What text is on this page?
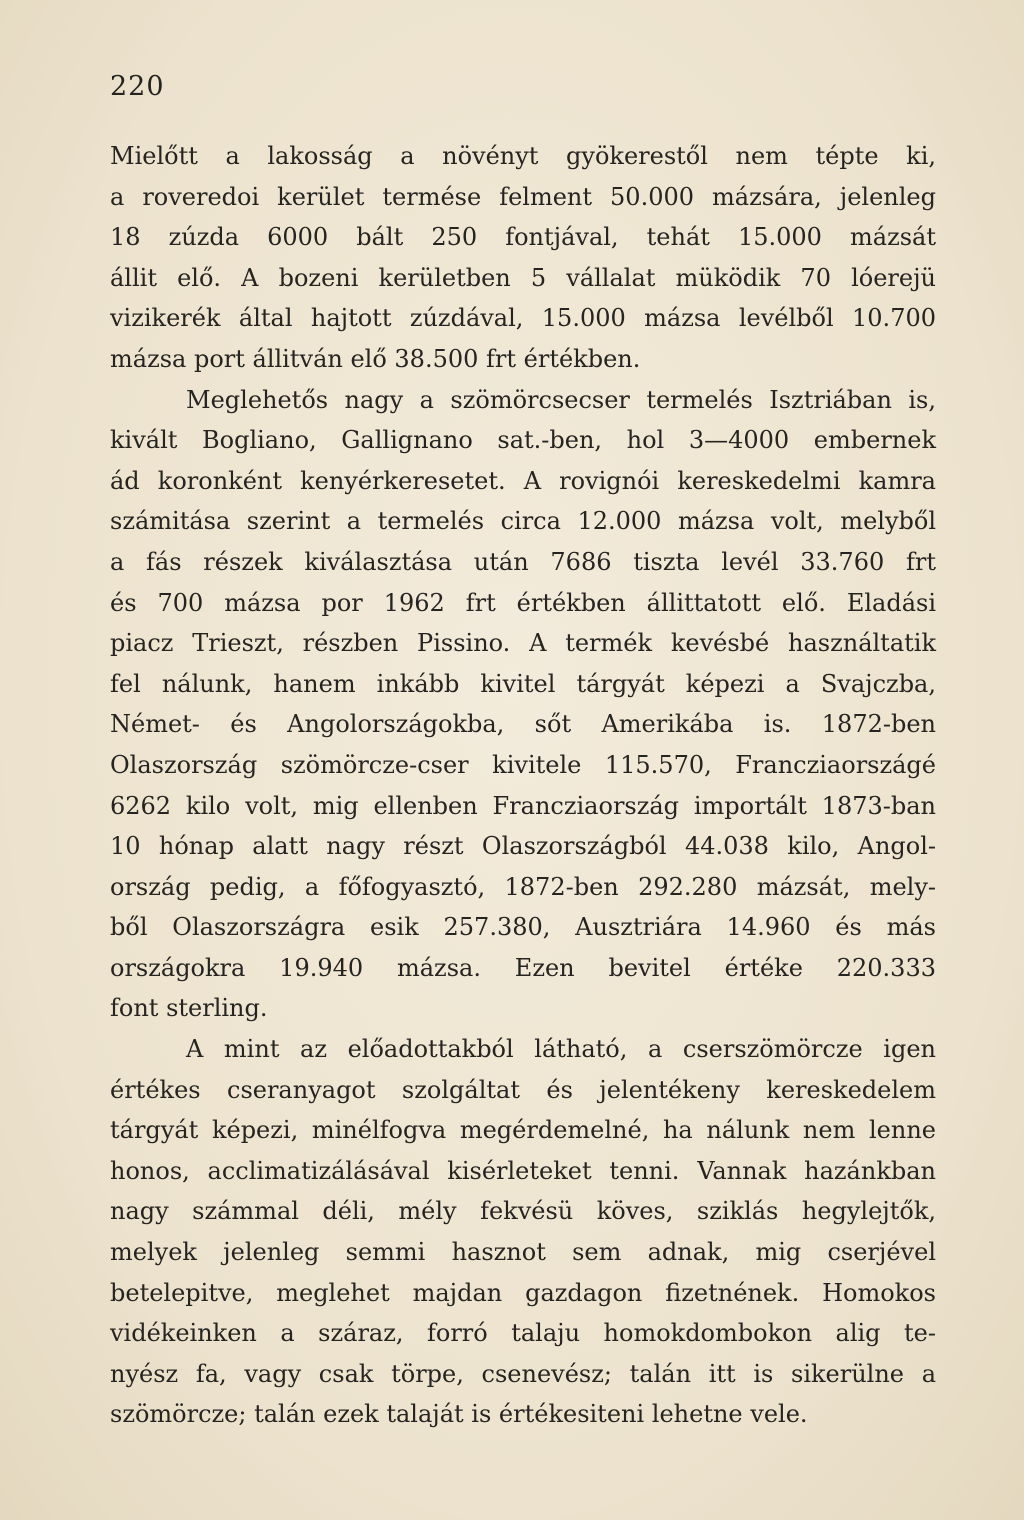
220
Mielőtt a lakosság a növényt gyökerestől nem tépte ki,
a roveredoi kerület termése felment 50.000 mázsára, jelenleg
18 zúzda 6000 bált 250 fontjával, tehát 15.000 mázsát
állit elő. A bozeni kerületben 5 vállalat müködik 70 lóerejü
vizikerék által hajtott zúzdával, 15.000 mázsa levélből 10.700
mázsa port állitván elő 38.500 frt értékben.
Meglehetős nagy a szömörcsecser termelés Isztriában is,
kivált Bogliano, Gallignano sat.-ben, hol 3—4000 embernek
ád koronként kenyérkeresetet. A rovignói kereskedelmi kamra
számitása szerint a termelés circa 12.000 mázsa volt, melyből
a fás részek kiválasztása után 7686 tiszta levél 33.760 frt
és 700 mázsa por 1962 frt értékben állittatott elő. Eladási
piacz Trieszt, részben Pissino. A termék kevésbé használtatik
fel nálunk, hanem inkább kivitel tárgyát képezi a Svajczba,
Német- és Angolországokba, sőt Amerikába is. 1872-ben
Olaszország szömörcze-cser kivitele 115.570, Francziaországé
6262 kilo volt, mig ellenben Francziaország importált 1873-ban
10 hónap alatt nagy részt Olaszországból 44.038 kilo, Angol-
ország pedig, a főfogyasztó, 1872-ben 292.280 mázsát, mely-
ből Olaszországra esik 257.380, Ausztriára 14.960 és más
országokra 19.940 mázsa. Ezen bevitel értéke 220.333
font sterling.
A mint az előadottakból látható, a cserszömörcze igen
értékes cseranyagot szolgáltat és jelentékeny kereskedelem
tárgyát képezi, minélfogva megérdemelné, ha nálunk nem lenne
honos, acclimatizálásával kisérleteket tenni. Vannak hazánkban
nagy számmal déli, mély fekvésü köves, sziklás hegylejtők,
melyek jelenleg semmi hasznot sem adnak, mig cserjével
betelepitve, meglehet majdan gazdagon fizetnének. Homokos
vidékeinken a száraz, forró talaju homokdombokon alig te-
nyész fa, vagy csak törpe, csenevész; talán itt is sikerülne a
szömörcze; talán ezek talaját is értékesiteni lehetne vele.
